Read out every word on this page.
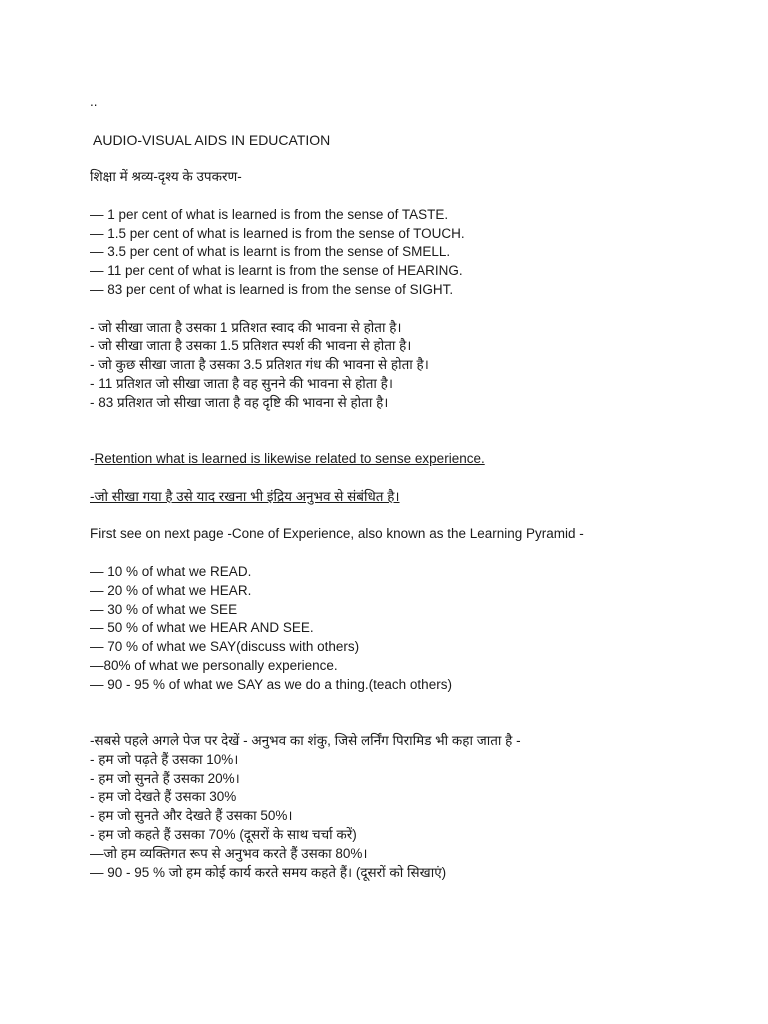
..
AUDIO-VISUAL AIDS IN EDUCATION
शिक्षा में श्रव्य-दृश्य के उपकरण-
— 1 per cent of what is learned is from the sense of TASTE.
— 1.5 per cent of what is learned is from the sense of TOUCH.
— 3.5 per cent of what is learnt is from the sense of SMELL.
— 11 per cent of what is learnt is from the sense of HEARING.
— 83 per cent of what is learned is from the sense of SIGHT.
- जो सीखा जाता है उसका 1 प्रतिशत स्वाद की भावना से होता है।
- जो सीखा जाता है उसका 1.5 प्रतिशत स्पर्श की भावना से होता है।
- जो कुछ सीखा जाता है उसका 3.5 प्रतिशत गंध की भावना से होता है।
- 11 प्रतिशत जो सीखा जाता है वह सुनने की भावना से होता है।
- 83 प्रतिशत जो सीखा जाता है वह दृष्टि की भावना से होता है।
-Retention what is learned is likewise related to sense experience.
-जो सीखा गया है उसे याद रखना भी इंद्रिय अनुभव से संबंधित है।
First see on next page -Cone of Experience, also known as the Learning Pyramid -
— 10 % of what we READ.
— 20 % of what we HEAR.
— 30 % of what we SEE
— 50 % of what we HEAR AND SEE.
— 70 % of what we SAY(discuss with others)
—80% of what we personally experience.
— 90 - 95 % of what we SAY as we do a thing.(teach others)
-सबसे पहले अगले पेज पर देखें - अनुभव का शंकु, जिसे लर्निंग पिरामिड भी कहा जाता है -
- हम जो पढ़ते हैं उसका 10%।
- हम जो सुनते हैं उसका 20%।
- हम जो देखते हैं उसका 30%
- हम जो सुनते और देखते हैं उसका 50%।
- हम जो कहते हैं उसका 70% (दूसरों के साथ चर्चा करें)
—जो हम व्यक्तिगत रूप से अनुभव करते हैं उसका 80%।
— 90 - 95 % जो हम कोई कार्य करते समय कहते हैं। (दूसरों को सिखाएं)
